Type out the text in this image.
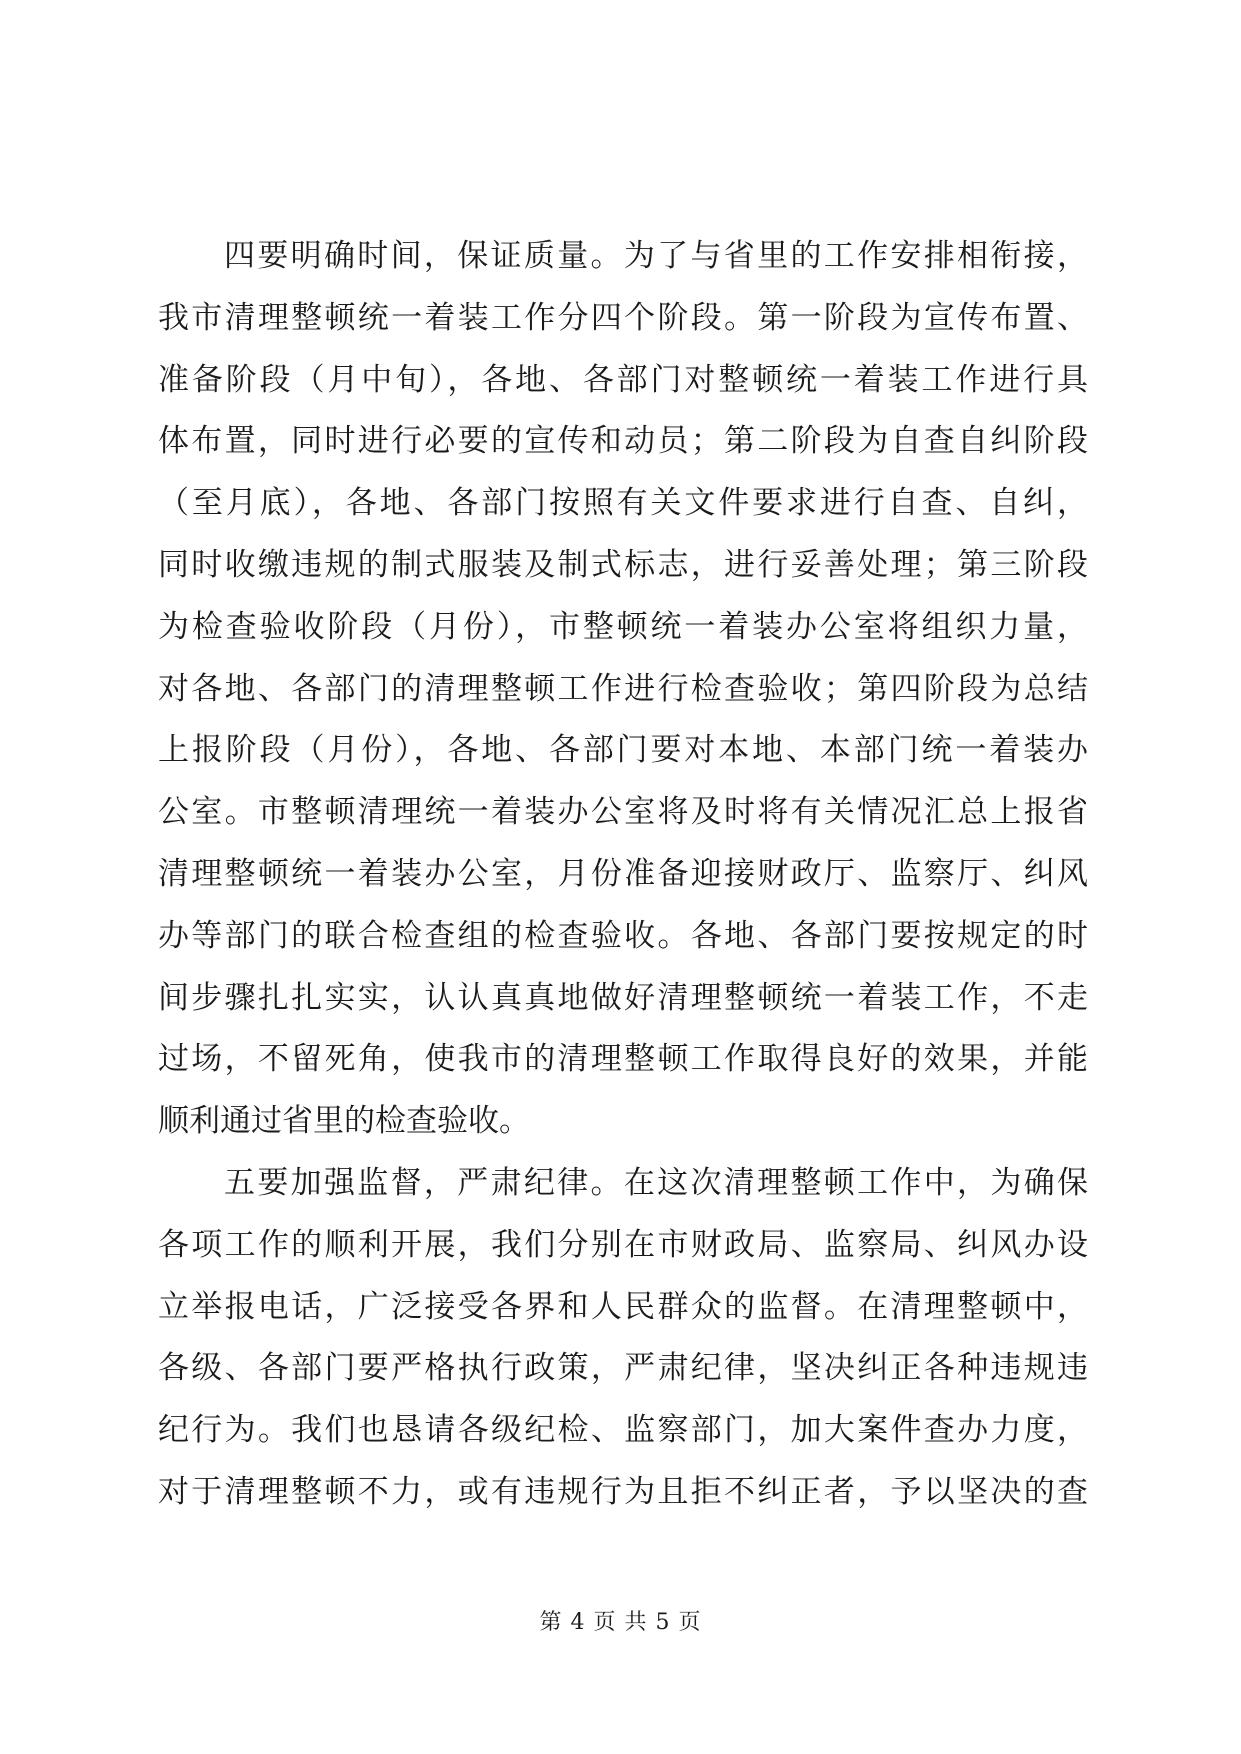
四要明确时间，保证质量。为了与省里的工作安排相衔接，
我市清理整顿统一着装工作分四个阶段。第一阶段为宣传布置、
准备阶段（月中旬），各地、各部门对整顿统一着装工作进行具
体布置，同时进行必要的宣传和动员；第二阶段为自查自纠阶段
（至月底），各地、各部门按照有关文件要求进行自查、自纠，
同时收缴违规的制式服装及制式标志，进行妥善处理；第三阶段
为检查验收阶段（月份），市整顿统一着装办公室将组织力量，
对各地、各部门的清理整顿工作进行检查验收；第四阶段为总结
上报阶段（月份），各地、各部门要对本地、本部门统一着装办
公室。市整顿清理统一着装办公室将及时将有关情况汇总上报省
清理整顿统一着装办公室，月份准备迎接财政厅、监察厅、纠风
办等部门的联合检查组的检查验收。各地、各部门要按规定的时
间步骤扎扎实实，认认真真地做好清理整顿统一着装工作，不走
过场，不留死角，使我市的清理整顿工作取得良好的效果，并能
顺利通过省里的检查验收。
五要加强监督，严肃纪律。在这次清理整顿工作中，为确保
各项工作的顺利开展，我们分别在市财政局、监察局、纠风办设
立举报电话，广泛接受各界和人民群众的监督。在清理整顿中，
各级、各部门要严格执行政策，严肃纪律，坚决纠正各种违规违
纪行为。我们也恳请各级纪检、监察部门，加大案件查办力度，
对于清理整顿不力，或有违规行为且拒不纠正者，予以坚决的查
第 4 页 共 5 页
